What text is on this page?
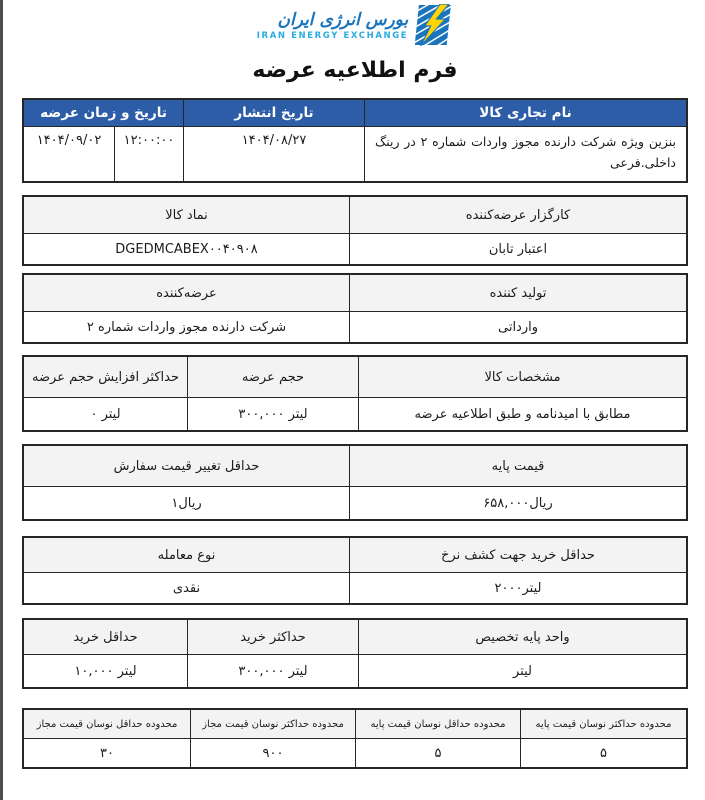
بورس انرژی ایران
IRAN ENERGY EXCHANGE
فرم اطلاعیه عرضه
نام تجاری کالا
تاریخ انتشار
تاریخ و زمان عرضه
بنزین ویژه شرکت دارنده مجوز واردات شماره ۲ در رینگ داخلی.فرعی
۱۴۰۴/۰۸/۲۷
۱۲:۰۰:۰۰
۱۴۰۴/۰۹/۰۲
کارگزار عرضه‌کننده
نماد کالا
اعتبار تابان
DGEDMCABEX۰۰۴۰۹۰۸
تولید کننده
عرضه‌کننده
وارداتی
شرکت دارنده مجوز واردات شماره ۲
مشخصات کالا
حجم عرضه
حداکثر افزایش حجم عرضه
مطابق با امیدنامه و طبق اطلاعیه عرضه
لیتر ۳۰۰,۰۰۰
لیتر ۰
قیمت پایه
حداقل تغییر قیمت سفارش
ریال۶۵۸,۰۰۰
ریال۱
حداقل خرید جهت کشف نرخ
نوع معامله
لیتر۲۰۰۰
نقدی
واحد پایه تخصیص
حداکثر خرید
حداقل خرید
لیتر
لیتر ۳۰۰,۰۰۰
لیتر ۱۰,۰۰۰
محدوده حداکثر نوسان قیمت پایه
محدوده حداقل نوسان قیمت پایه
محدوده حداکثر نوسان قیمت مجاز
محدوده حداقل نوسان قیمت مجاز
۵
۵
۹۰۰
۳۰
